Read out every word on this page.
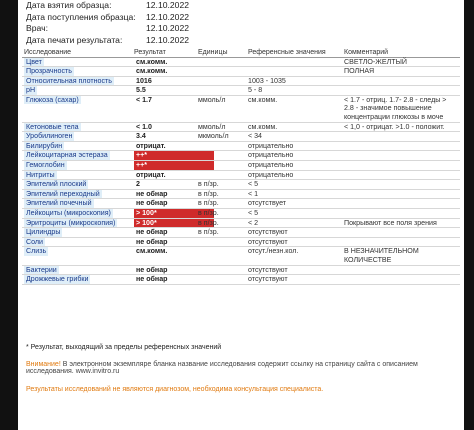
Дата взятия образца:	12.10.2022
Дата поступления образца: 12.10.2022
Врач:	12.10.2022
Дата печати результата:	12.10.2022
Исследование	Результат	Единицы	Референсные значения	Комментарий
Цвет	см.комм.			СВЕТЛО-ЖЕЛТЫЙ
Прозрачность	см.комм.			ПОЛНАЯ
Относительная плотность	1016		1003 - 1035	
pH	5.5		5 - 8	
Глюкоза (сахар)	< 1.7	ммоль/л	см.комм.	< 1.7 - отриц. 1.7- 2.8 - следы > 2.8 - значимое повышение концентрации глюкозы в моче
Кетоновые тела	< 1.0	ммоль/л	см.комм.	< 1,0 - отрицат. >1.0 - положит.
Уробилиноген	3.4	мкмоль/л	< 34	
Билирубин	отрицат.		отрицательно	
Лейкоцитарная эстераза	++*		отрицательно	
Гемоглобин	++*		отрицательно	
Нитриты	отрицат.		отрицательно	
Эпителий плоский	2	в п/зр.	< 5	
Эпителий переходный	не обнар	в п/зр.	< 1	
Эпителий почечный	не обнар	в п/зр.	отсутствует	
Лейкоциты (микроскопия)	> 100*	в п/зр.	< 5	
Эритроциты (микроскопия)	> 100*	в п/зр.	< 2	Покрывают все поля зрения
Цилиндры	не обнар	в п/зр.	отсутствуют	
Соли	не обнар		отсутствуют	
Слизь	см.комм.		отсут./незн.кол.	В НЕЗНАЧИТЕЛЬНОМ КОЛИЧЕСТВЕ
Бактерии	не обнар		отсутствуют	
Дрожжевые грибки	не обнар		отсутствуют	
* Результат, выходящий за пределы референсных значений
Внимание! В электронном экземпляре бланка название исследования содержит ссылку на страницу сайта с описанием исследования. www.invitro.ru
Результаты исследований не являются диагнозом, необходима консультация специалиста.
